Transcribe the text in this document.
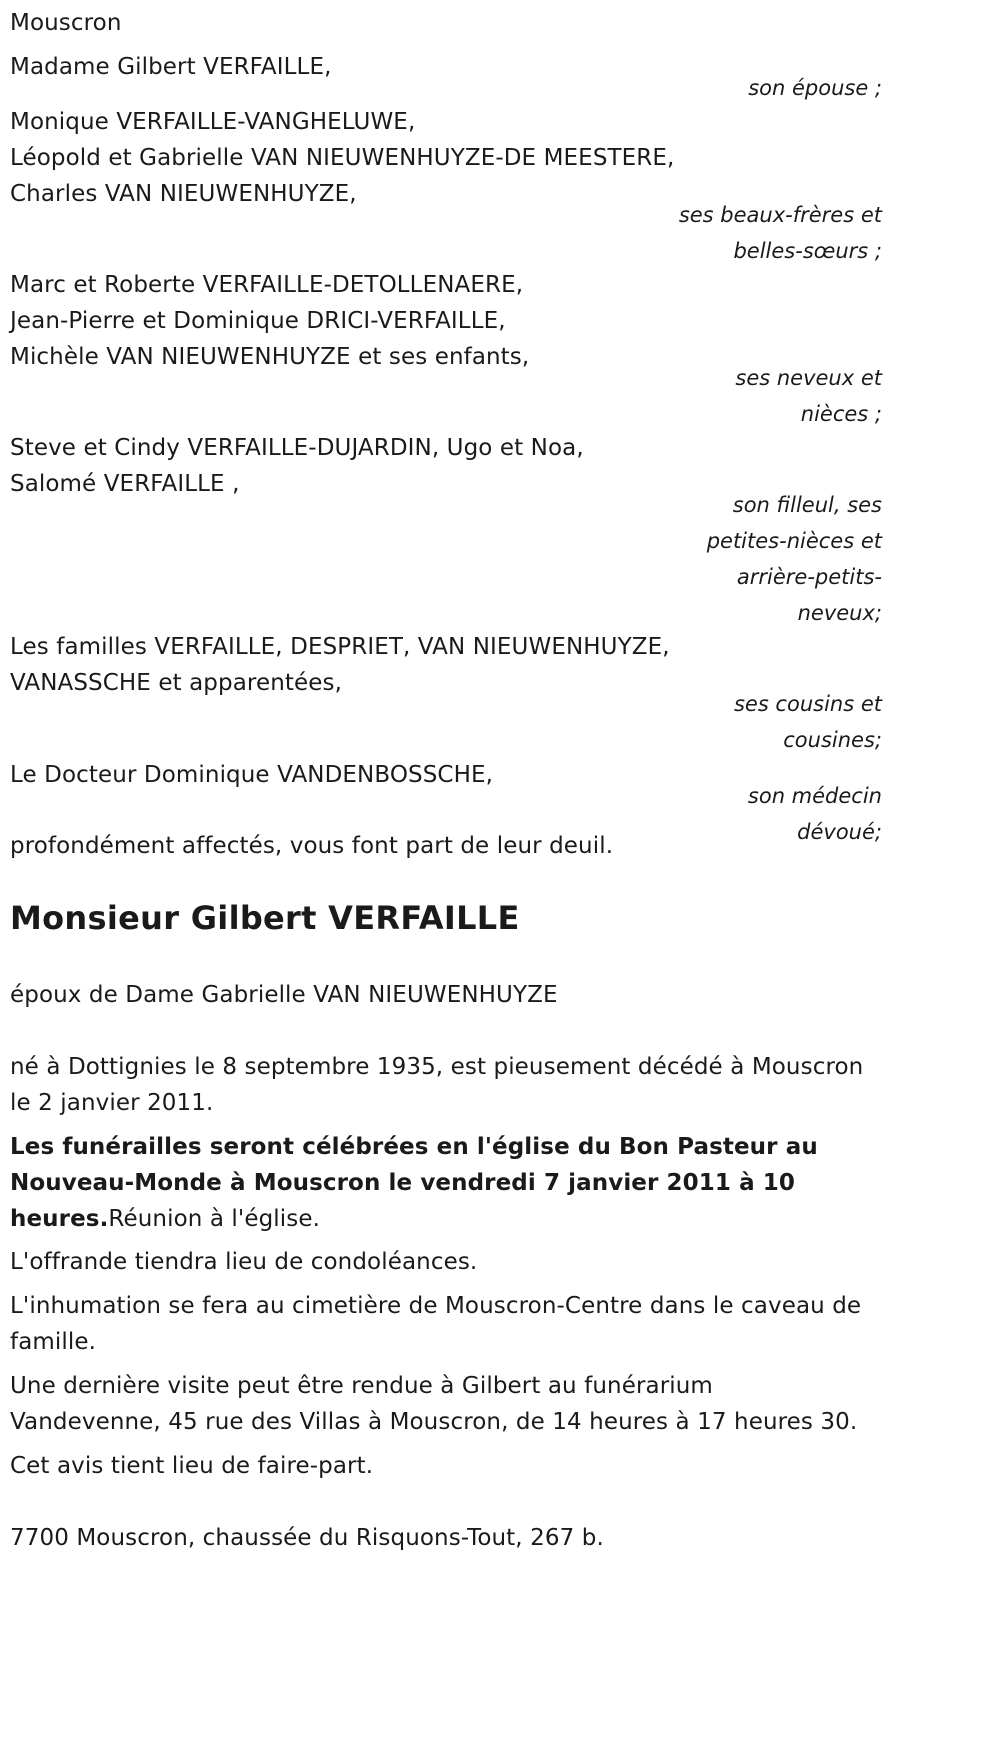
Mouscron
Madame Gilbert VERFAILLE,
son épouse ;
Monique VERFAILLE-VANGHELUWE,
Léopold et Gabrielle VAN NIEUWENHUYZE-DE MEESTERE,
Charles VAN NIEUWENHUYZE,
ses beaux-frères et
belles-sœurs ;
Marc et Roberte VERFAILLE-DETOLLENAERE,
Jean-Pierre et Dominique DRICI-VERFAILLE,
Michèle VAN NIEUWENHUYZE et ses enfants,
ses neveux et
nièces ;
Steve et Cindy VERFAILLE-DUJARDIN, Ugo et Noa,
Salomé VERFAILLE ,
son filleul, ses
petites-nièces et
arrière-petits-
neveux;
Les familles VERFAILLE, DESPRIET, VAN NIEUWENHUYZE,
VANASSCHE et apparentées,
ses cousins et
cousines;
Le Docteur Dominique VANDENBOSSCHE,
son médecin
dévoué;
profondément affectés, vous font part de leur deuil.
Monsieur Gilbert VERFAILLE
époux de Dame Gabrielle VAN NIEUWENHUYZE
né à Dottignies le 8 septembre 1935, est pieusement décédé à Mouscron
le 2 janvier 2011.
Les funérailles seront célébrées en l'église du Bon Pasteur au
Nouveau-Monde à Mouscron le vendredi 7 janvier 2011 à 10
heures.Réunion à l'église.
L'offrande tiendra lieu de condoléances.
L'inhumation se fera au cimetière de Mouscron-Centre dans le caveau de
famille.
Une dernière visite peut être rendue à Gilbert au funérarium
Vandevenne, 45 rue des Villas à Mouscron, de 14 heures à 17 heures 30.
Cet avis tient lieu de faire-part.
7700 Mouscron, chaussée du Risquons-Tout, 267 b.
